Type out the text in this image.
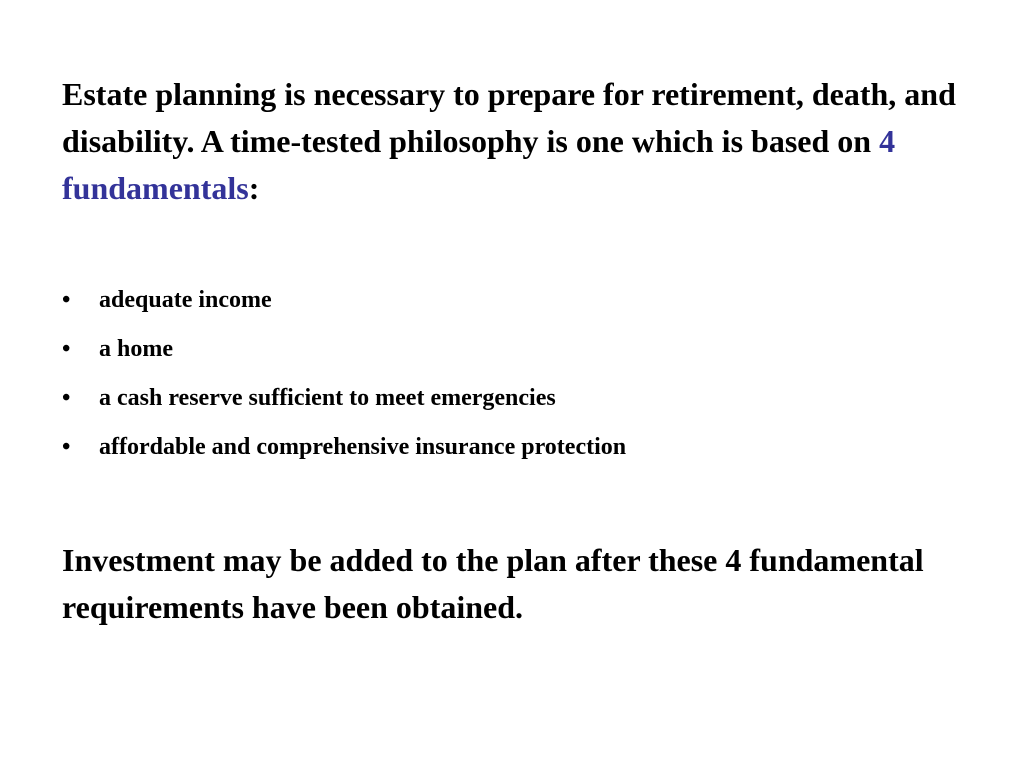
Estate planning is necessary to prepare for retirement, death, and disability. A time-tested philosophy is one which is based on 4 fundamentals:

•	adequate income
•	a home
•	a cash reserve sufficient to meet emergencies
•	affordable and comprehensive insurance protection

Investment may be added to the plan after these 4 fundamental requirements have been obtained.
